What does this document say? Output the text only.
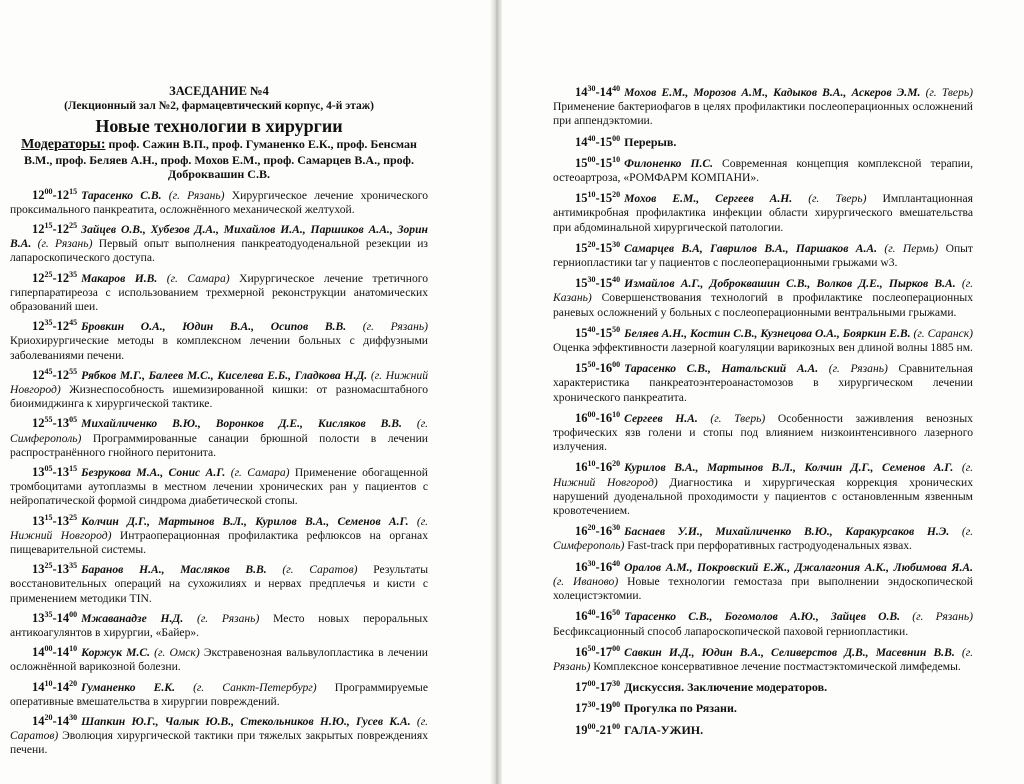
ЗАСЕДАНИЕ №4
(Лекционный зал №2, фармацевтический корпус, 4-й этаж)
Новые технологии в хирургии
Модераторы: проф. Сажин В.П., проф. Гуманенко Е.К., проф. Бенсман В.М., проф. Беляев А.Н., проф. Мохов Е.М., проф. Самарцев В.А., проф. Доброквашин С.В.
$12^{00}-12^{15}$ Тарасенко С.В. (г. Рязань) Хирургическое лечение хронического проксимального панкреатита, осложнённого механической желтухой.
$12^{15}-12^{25}$ Зайцев О.В., Хубезов Д.А., Михайлов И.А., Паршиков А.А., Зорин В.А. (г. Рязань) Первый опыт выполнения панкреатодуоденальной резекции из лапароскопического доступа.
$12^{25}-12^{35}$ Макаров И.В. (г. Самара) Хирургическое лечение третичного гиперпаратиреоза с использованием трехмерной реконструкции анатомических образований шеи.
$12^{35}-12^{45}$ Бровкин О.А., Юдин В.А., Осипов В.В. (г. Рязань) Криохирургические методы в комплексном лечении больных с диффузными заболеваниями печени.
$12^{45}-12^{55}$ Рябков М.Г., Балеев М.С., Киселева Е.Б., Гладкова Н.Д. (г. Нижний Новгород) Жизнеспособность ишемизированной кишки: от разномасштабного биоимиджинга к хирургической тактике.
$12^{55}-13^{05}$ Михайличенко В.Ю., Воронков Д.Е., Кисляков В.В. (г. Симферополь) Программированные санации брюшной полости в лечении распространённого гнойного перитонита.
$13^{05}-13^{15}$ Безрукова М.А., Сонис А.Г. (г. Самара) Применение обогащенной тромбоцитами аутоплазмы в местном лечении хронических ран у пациентов с нейропатической формой синдрома диабетической стопы.
$13^{15}-13^{25}$ Колчин Д.Г., Мартынов В.Л., Курилов В.А., Семенов А.Г. (г. Нижний Новгород) Интраоперационная профилактика рефлюксов на органах пищеварительной системы.
$13^{25}-13^{35}$ Баранов Н.А., Масляков В.В. (г. Саратов) Результаты восстановительных операций на сухожилиях и нервах предплечья и кисти с применением методики TIN.
$13^{35}-14^{00}$ Мжаванадзе Н.Д. (г. Рязань) Место новых пероральных антикоагулянтов в хирургии, «Байер».
$14^{00}-14^{10}$ Коржук М.С. (г. Омск) Экстравенозная вальвулопластика в лечении осложнённой варикозной болезни.
$14^{10}-14^{20}$ Гуманенко Е.К. (г. Санкт-Петербург) Программируемые оперативные вмешательства в хирургии повреждений.
$14^{20}-14^{30}$ Шапкин Ю.Г., Чалык Ю.В., Стекольников Н.Ю., Гусев К.А. (г. Саратов) Эволюция хирургической тактики при тяжелых закрытых повреждениях печени.
$14^{30}-14^{40}$ Мохов Е.М., Морозов А.М., Кадыков В.А., Аскеров Э.М. (г. Тверь) Применение бактериофагов в целях профилактики послеоперационных осложнений при аппендэктомии.
$14^{40}-15^{00}$ Перерыв.
$15^{00}-15^{10}$ Филоненко П.С. Современная концепция комплексной терапии, остеоартроза, «РОМФАРМ КОМПАНИ».
$15^{10}-15^{20}$ Мохов Е.М., Сергеев А.Н. (г. Тверь) Имплантационная антимикробная профилактика инфекции области хирургического вмешательства при абдоминальной хирургической патологии.
$15^{20}-15^{30}$ Самарцев В.А, Гаврилов В.А., Паршаков А.А. (г. Пермь) Опыт герниопластики tar у пациентов с послеоперационными грыжами w3.
$15^{30}-15^{40}$ Измайлов А.Г., Доброквашин С.В., Волков Д.Е., Пырков В.А. (г. Казань) Совершенствования технологий в профилактике послеоперационных раневых осложнений у больных с послеоперационными вентральными грыжами.
$15^{40}-15^{50}$ Беляев А.Н., Костин С.В., Кузнецова О.А., Бояркин Е.В. (г. Саранск) Оценка эффективности лазерной коагуляции варикозных вен длиной волны 1885 нм.
$15^{50}-16^{00}$ Тарасенко С.В., Натальский А.А. (г. Рязань) Сравнительная характеристика панкреатоэнтероанастомозов в хирургическом лечении хронического панкреатита.
$16^{00}-16^{10}$ Сергеев Н.А. (г. Тверь) Особенности заживления венозных трофических язв голени и стопы под влиянием низкоинтенсивного лазерного излучения.
$16^{10}-16^{20}$ Курилов В.А., Мартынов В.Л., Колчин Д.Г., Семенов А.Г. (г. Нижний Новгород) Диагностика и хирургическая коррекция хронических нарушений дуоденальной проходимости у пациентов с остановленным язвенным кровотечением.
$16^{20}-16^{30}$ Баснаев У.И., Михайличенко В.Ю., Каракурсаков Н.Э. (г. Симферополь) Fast-track при перфоративных гастродуоденальных язвах.
$16^{30}-16^{40}$ Оралов А.М., Покровский Е.Ж., Джалагония А.К., Любимова Я.А. (г. Иваново) Новые технологии гемостаза при выполнении эндоскопической холецистэктомии.
$16^{40}-16^{50}$ Тарасенко С.В., Богомолов А.Ю., Зайцев О.В. (г. Рязань) Бесфиксационный способ лапароскопической паховой герниопластики.
$16^{50}-17^{00}$ Савкин И.Д., Юдин В.А., Селиверстов Д.В., Масевнин В.В. (г. Рязань) Комплексное консервативное лечение постмастэктомической лимфедемы.
$17^{00}-17^{30}$ Дискуссия. Заключение модераторов.
$17^{30}-19^{00}$ Прогулка по Рязани.
$19^{00}-21^{00}$ ГАЛА-УЖИН.
